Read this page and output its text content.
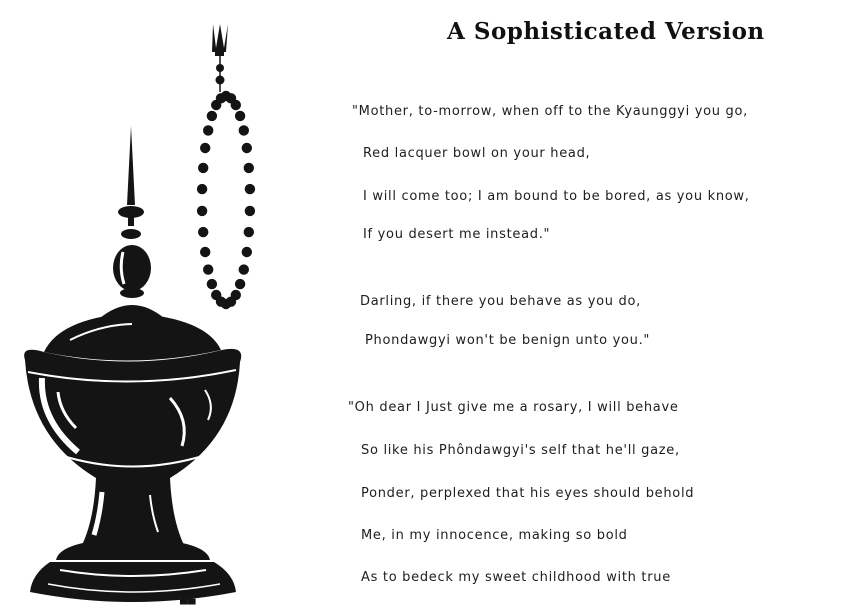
▀▀
A Sophisticated Version
"Mother, to-morrow, when off to the Kyaunggyi you go,
Red lacquer bowl on your head,
I will come too; I am bound to be bored, as you know,
If you desert me instead."
Darling, if there you behave as you do,
Phondawgyi won't be benign unto you."
"Oh dear I Just give me a rosary, I will behave
So like his Phôndawgyi's self that he'll gaze,
Ponder, perplexed that his eyes should behold
Me, in my innocence, making so bold
As to bedeck my sweet childhood with true
